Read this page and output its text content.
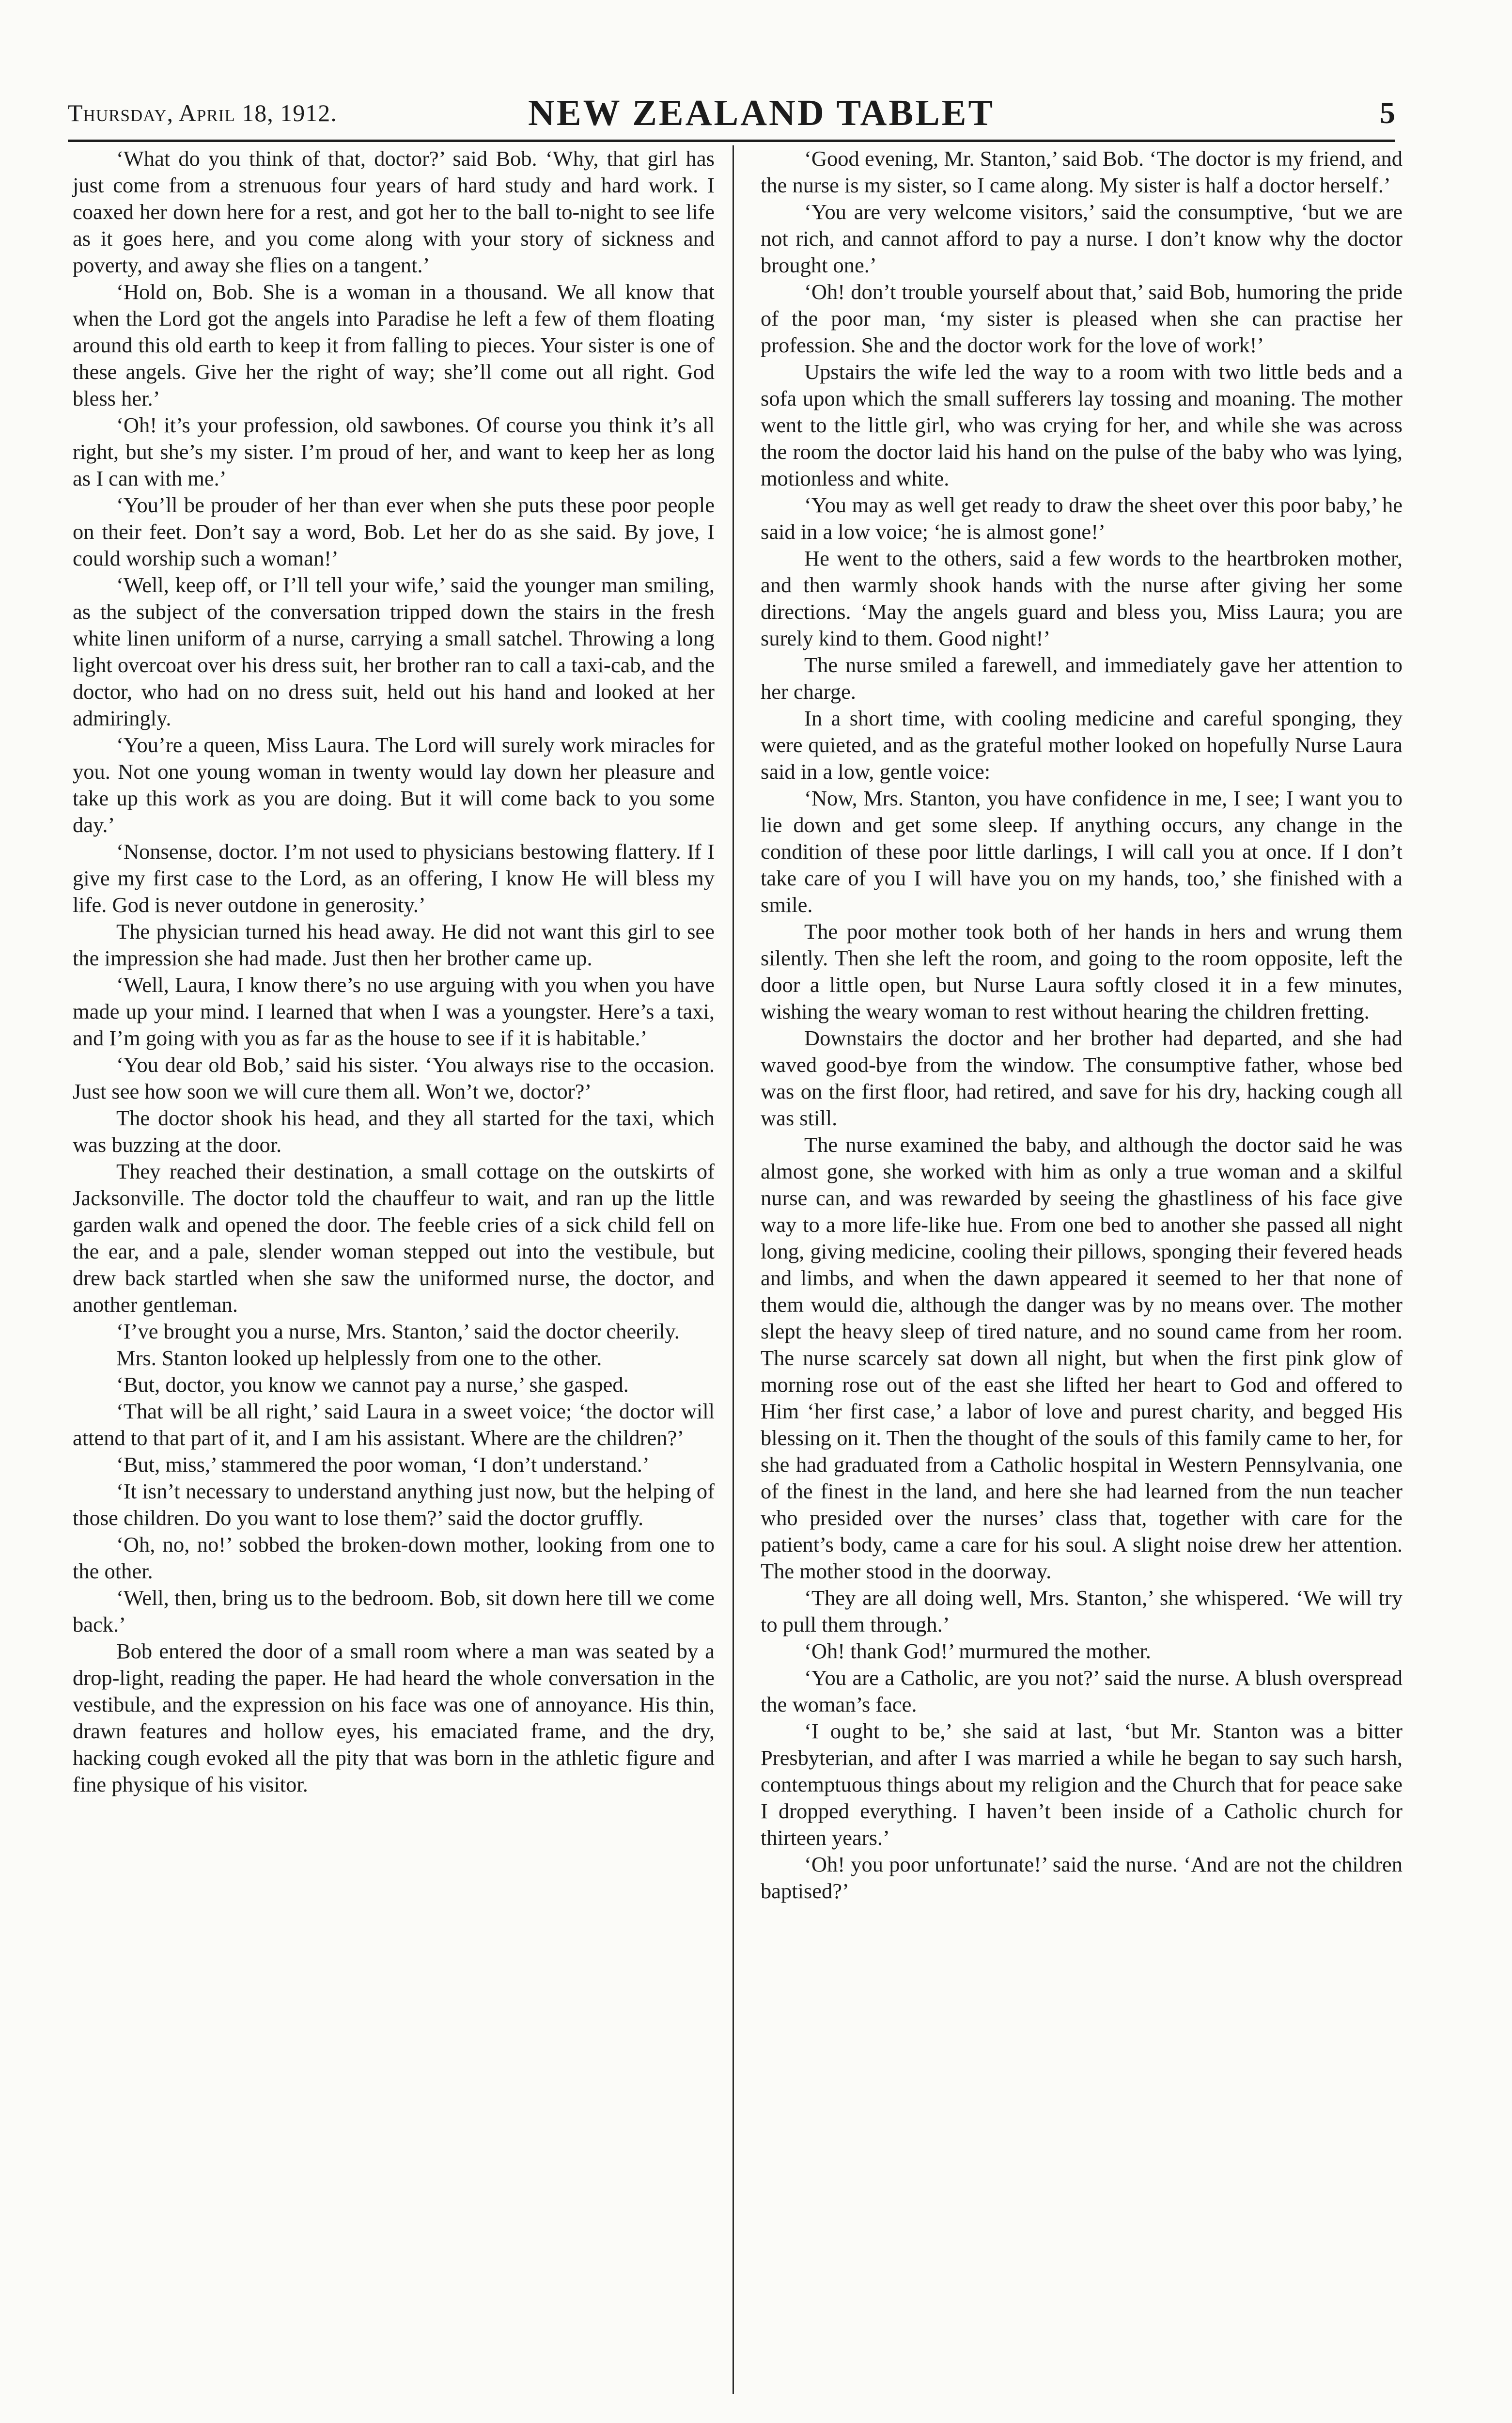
Thursday, April 18, 1912.	NEW ZEALAND TABLET	5

‘What do you think of that, doctor?’ said Bob. ‘Why, that girl has just come from a strenuous four years of hard study and hard work. I coaxed her down here for a rest, and got her to the ball to-night to see life as it goes here, and you come along with your story of sickness and poverty, and away she flies on a tangent.’

‘Hold on, Bob. She is a woman in a thousand. We all know that when the Lord got the angels into Paradise he left a few of them floating around this old earth to keep it from falling to pieces. Your sister is one of these angels. Give her the right of way; she’ll come out all right. God bless her.’

‘Oh! it’s your profession, old sawbones. Of course you think it’s all right, but she’s my sister. I’m proud of her, and want to keep her as long as I can with me.’

‘You’ll be prouder of her than ever when she puts these poor people on their feet. Don’t say a word, Bob. Let her do as she said. By jove, I could worship such a woman!’

‘Well, keep off, or I’ll tell your wife,’ said the younger man smiling, as the subject of the conversation tripped down the stairs in the fresh white linen uniform of a nurse, carrying a small satchel. Throwing a long light overcoat over his dress suit, her brother ran to call a taxi-cab, and the doctor, who had on no dress suit, held out his hand and looked at her admiringly.

‘You’re a queen, Miss Laura. The Lord will surely work miracles for you. Not one young woman in twenty would lay down her pleasure and take up this work as you are doing. But it will come back to you some day.’

‘Nonsense, doctor. I’m not used to physicians bestowing flattery. If I give my first case to the Lord, as an offering, I know He will bless my life. God is never outdone in generosity.’

The physician turned his head away. He did not want this girl to see the impression she had made. Just then her brother came up.

‘Well, Laura, I know there’s no use arguing with you when you have made up your mind. I learned that when I was a youngster. Here’s a taxi, and I’m going with you as far as the house to see if it is habitable.’

‘You dear old Bob,’ said his sister. ‘You always rise to the occasion. Just see how soon we will cure them all. Won’t we, doctor?’

The doctor shook his head, and they all started for the taxi, which was buzzing at the door.

They reached their destination, a small cottage on the outskirts of Jacksonville. The doctor told the chauffeur to wait, and ran up the little garden walk and opened the door. The feeble cries of a sick child fell on the ear, and a pale, slender woman stepped out into the vestibule, but drew back startled when she saw the uniformed nurse, the doctor, and another gentleman.

‘I’ve brought you a nurse, Mrs. Stanton,’ said the doctor cheerily.

Mrs. Stanton looked up helplessly from one to the other.

‘But, doctor, you know we cannot pay a nurse,’ she gasped.

‘That will be all right,’ said Laura in a sweet voice; ‘the doctor will attend to that part of it, and I am his assistant. Where are the children?’

‘But, miss,’ stammered the poor woman, ‘I don’t understand.’

‘It isn’t necessary to understand anything just now, but the helping of those children. Do you want to lose them?’ said the doctor gruffly.

‘Oh, no, no!’ sobbed the broken-down mother, looking from one to the other.

‘Well, then, bring us to the bedroom. Bob, sit down here till we come back.’

Bob entered the door of a small room where a man was seated by a drop-light, reading the paper. He had heard the whole conversation in the vestibule, and the expression on his face was one of annoyance. His thin, drawn features and hollow eyes, his emaciated frame, and the dry, hacking cough evoked all the pity that was born in the athletic figure and fine physique of his visitor.

‘Good evening, Mr. Stanton,’ said Bob. ‘The doctor is my friend, and the nurse is my sister, so I came along. My sister is half a doctor herself.’

‘You are very welcome visitors,’ said the consumptive, ‘but we are not rich, and cannot afford to pay a nurse. I don’t know why the doctor brought one.’

‘Oh! don’t trouble yourself about that,’ said Bob, humoring the pride of the poor man, ‘my sister is pleased when she can practise her profession. She and the doctor work for the love of work!’

Upstairs the wife led the way to a room with two little beds and a sofa upon which the small sufferers lay tossing and moaning. The mother went to the little girl, who was crying for her, and while she was across the room the doctor laid his hand on the pulse of the baby who was lying, motionless and white.

‘You may as well get ready to draw the sheet over this poor baby,’ he said in a low voice; ‘he is almost gone!’

He went to the others, said a few words to the heartbroken mother, and then warmly shook hands with the nurse after giving her some directions. ‘May the angels guard and bless you, Miss Laura; you are surely kind to them. Good night!’

The nurse smiled a farewell, and immediately gave her attention to her charge.

In a short time, with cooling medicine and careful sponging, they were quieted, and as the grateful mother looked on hopefully Nurse Laura said in a low, gentle voice:

‘Now, Mrs. Stanton, you have confidence in me, I see; I want you to lie down and get some sleep. If anything occurs, any change in the condition of these poor little darlings, I will call you at once. If I don’t take care of you I will have you on my hands, too,’ she finished with a smile.

The poor mother took both of her hands in hers and wrung them silently. Then she left the room, and going to the room opposite, left the door a little open, but Nurse Laura softly closed it in a few minutes, wishing the weary woman to rest without hearing the children fretting.

Downstairs the doctor and her brother had departed, and she had waved good-bye from the window. The consumptive father, whose bed was on the first floor, had retired, and save for his dry, hacking cough all was still.

The nurse examined the baby, and although the doctor said he was almost gone, she worked with him as only a true woman and a skilful nurse can, and was rewarded by seeing the ghastliness of his face give way to a more life-like hue. From one bed to another she passed all night long, giving medicine, cooling their pillows, sponging their fevered heads and limbs, and when the dawn appeared it seemed to her that none of them would die, although the danger was by no means over. The mother slept the heavy sleep of tired nature, and no sound came from her room. The nurse scarcely sat down all night, but when the first pink glow of morning rose out of the east she lifted her heart to God and offered to Him ‘her first case,’ a labor of love and purest charity, and begged His blessing on it. Then the thought of the souls of this family came to her, for she had graduated from a Catholic hospital in Western Pennsylvania, one of the finest in the land, and here she had learned from the nun teacher who presided over the nurses’ class that, together with care for the patient’s body, came a care for his soul. A slight noise drew her attention. The mother stood in the doorway.

‘They are all doing well, Mrs. Stanton,’ she whispered. ‘We will try to pull them through.’

‘Oh! thank God!’ murmured the mother.

‘You are a Catholic, are you not?’ said the nurse. A blush overspread the woman’s face.

‘I ought to be,’ she said at last, ‘but Mr. Stanton was a bitter Presbyterian, and after I was married a while he began to say such harsh, contemptuous things about my religion and the Church that for peace sake I dropped everything. I haven’t been inside of a Catholic church for thirteen years.’

‘Oh! you poor unfortunate!’ said the nurse. ‘And are not the children baptised?’
